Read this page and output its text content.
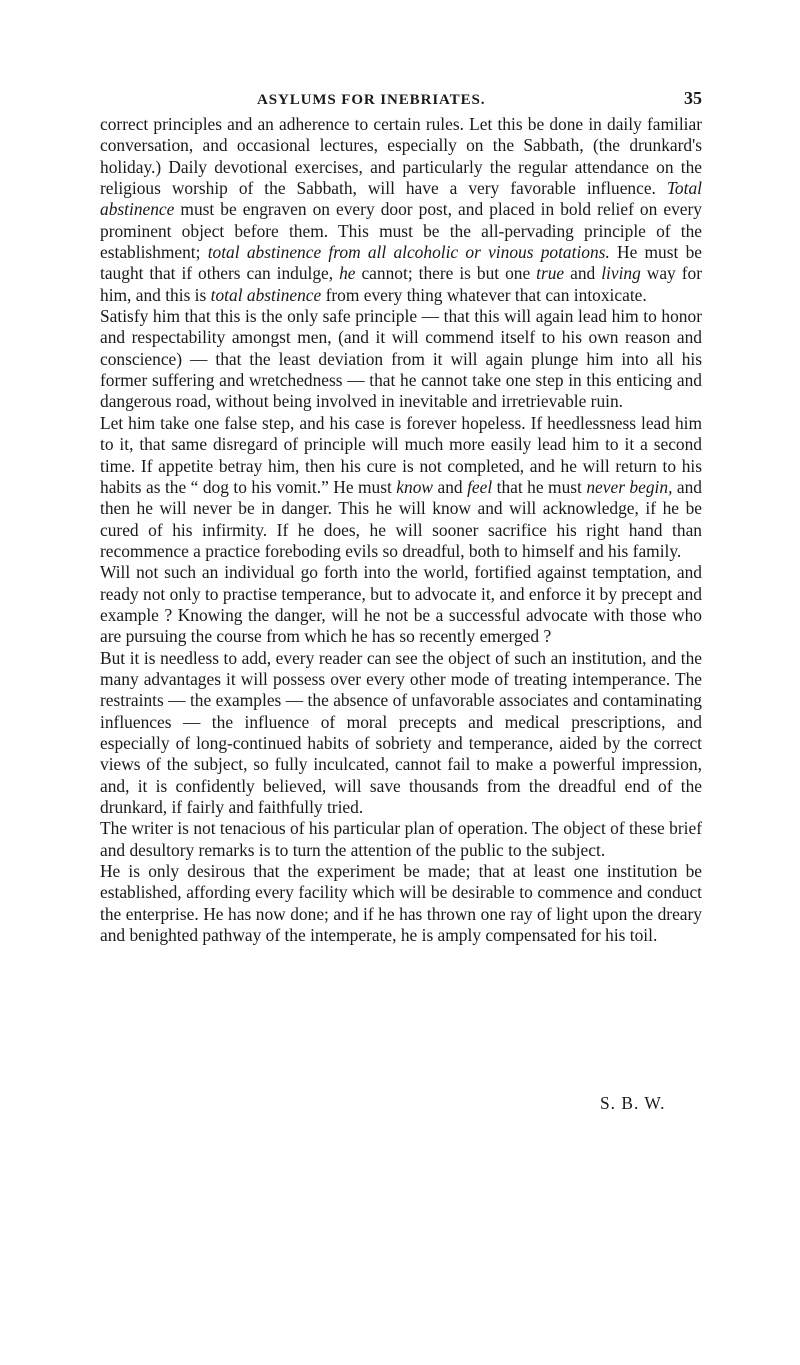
ASYLUMS FOR INEBRIATES.	35

correct principles and an adherence to certain rules. Let this be done in daily familiar conversation, and occasional lectures, especially on the Sabbath, (the drunkard's holiday.) Daily devotional exercises, and particularly the regular attendance on the religious worship of the Sabbath, will have a very favorable influence. Total abstinence must be engraven on every door post, and placed in bold relief on every prominent object before them. This must be the all-pervading principle of the establishment; total abstinence from all alcoholic or vinous potations. He must be taught that if others can indulge, he cannot; there is but one true and living way for him, and this is total abstinence from every thing whatever that can intoxicate.

Satisfy him that this is the only safe principle — that this will again lead him to honor and respectability amongst men, (and it will commend itself to his own reason and conscience) — that the least deviation from it will again plunge him into all his former suffering and wretchedness — that he cannot take one step in this enticing and dangerous road, without being involved in inevitable and irretrievable ruin.

Let him take one false step, and his case is forever hopeless. If heedlessness lead him to it, that same disregard of principle will much more easily lead him to it a second time. If appetite betray him, then his cure is not completed, and he will return to his habits as the “ dog to his vomit.” He must know and feel that he must never begin, and then he will never be in danger. This he will know and will acknowledge, if he be cured of his infirmity. If he does, he will sooner sacrifice his right hand than recommence a practice foreboding evils so dreadful, both to himself and his family.

Will not such an individual go forth into the world, fortified against temptation, and ready not only to practise temperance, but to advocate it, and enforce it by precept and example ? Knowing the danger, will he not be a successful advocate with those who are pursuing the course from which he has so recently emerged ?

But it is needless to add, every reader can see the object of such an institution, and the many advantages it will possess over every other mode of treating intemperance. The restraints — the examples — the absence of unfavorable associates and contaminating influences — the influence of moral precepts and medical prescriptions, and especially of long-continued habits of sobriety and temperance, aided by the correct views of the subject, so fully inculcated, cannot fail to make a powerful impression, and, it is confidently believed, will save thousands from the dreadful end of the drunkard, if fairly and faithfully tried.

The writer is not tenacious of his particular plan of operation. The object of these brief and desultory remarks is to turn the attention of the public to the subject.

He is only desirous that the experiment be made; that at least one institution be established, affording every facility which will be desirable to commence and conduct the enterprise. He has now done; and if he has thrown one ray of light upon the dreary and benighted pathway of the intemperate, he is amply compensated for his toil.

S. B. W.
